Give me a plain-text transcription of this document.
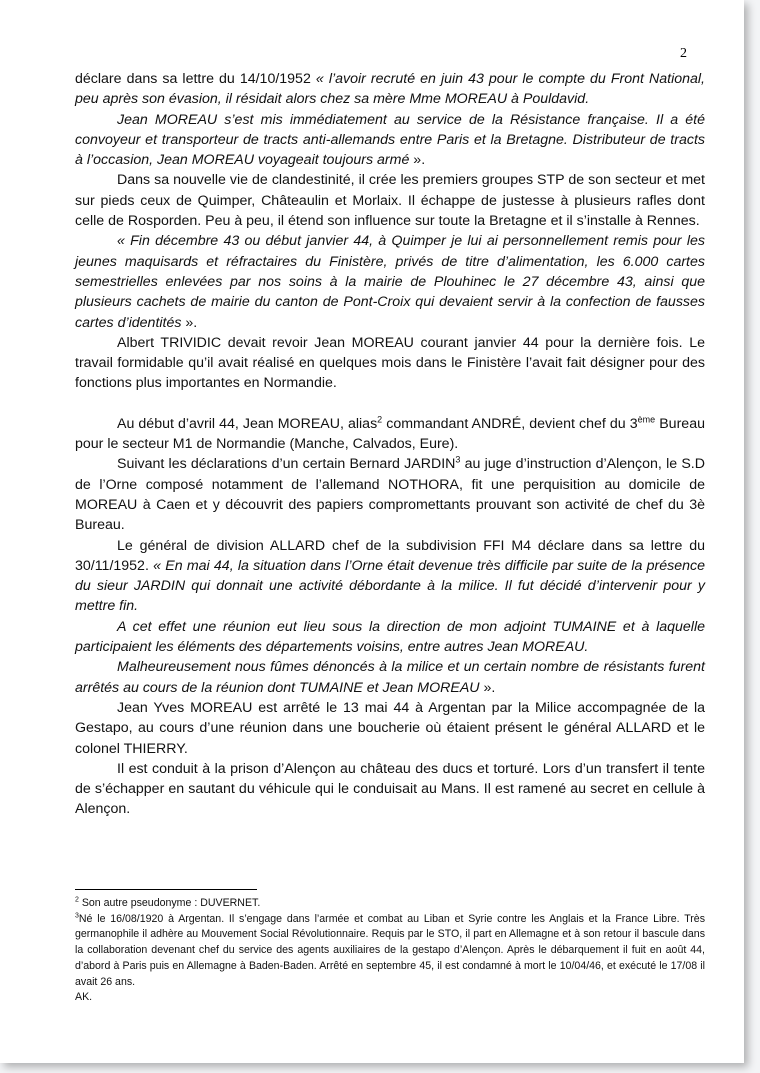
2

déclare dans sa lettre du 14/10/1952 « l’avoir recruté en juin 43 pour le compte du Front National, peu après son évasion, il résidait alors chez sa mère Mme MOREAU à Pouldavid.

Jean MOREAU s’est mis immédiatement au service de la Résistance française. Il a été convoyeur et transporteur de tracts anti-allemands entre Paris et la Bretagne. Distributeur de tracts à l’occasion, Jean MOREAU voyageait toujours armé ».

Dans sa nouvelle vie de clandestinité, il crée les premiers groupes STP de son secteur et met sur pieds ceux de Quimper, Châteaulin et Morlaix. Il échappe de justesse à plusieurs rafles dont celle de Rosporden. Peu à peu, il étend son influence sur toute la Bretagne et il s’installe à Rennes.

« Fin décembre 43 ou début janvier 44, à Quimper je lui ai personnellement remis pour les jeunes maquisards et réfractaires du Finistère, privés de titre d’alimentation, les 6.000 cartes semestrielles enlevées par nos soins à la mairie de Plouhinec le 27 décembre 43, ainsi que plusieurs cachets de mairie du canton de Pont-Croix qui devaient servir à la confection de fausses cartes d’identités ».

Albert TRIVIDIC devait revoir Jean MOREAU courant janvier 44 pour la dernière fois. Le travail formidable qu’il avait réalisé en quelques mois dans le Finistère l’avait fait désigner pour des fonctions plus importantes en Normandie.

Au début d’avril 44, Jean MOREAU, alias$^2$ commandant ANDRÉ, devient chef du 3ème Bureau pour le secteur M1 de Normandie (Manche, Calvados, Eure).

Suivant les déclarations d’un certain Bernard JARDIN$^3$ au juge d’instruction d’Alençon, le S.D de l’Orne composé notamment de l’allemand NOTHORA, fit une perquisition au domicile de MOREAU à Caen et y découvrit des papiers compromettants prouvant son activité de chef du 3è Bureau.

Le général de division ALLARD chef de la subdivision FFI M4 déclare dans sa lettre du 30/11/1952. « En mai 44, la situation dans l’Orne était devenue très difficile par suite de la présence du sieur JARDIN qui donnait une activité débordante à la milice. Il fut décidé d’intervenir pour y mettre fin.

A cet effet une réunion eut lieu sous la direction de mon adjoint TUMAINE et à laquelle participaient les éléments des départements voisins, entre autres Jean MOREAU.

Malheureusement nous fûmes dénoncés à la milice et un certain nombre de résistants furent arrêtés au cours de la réunion dont TUMAINE et Jean MOREAU ».

Jean Yves MOREAU est arrêté le 13 mai 44 à Argentan par la Milice accompagnée de la Gestapo, au cours d’une réunion dans une boucherie où étaient présent le général ALLARD et le colonel THIERRY.

Il est conduit à la prison d’Alençon au château des ducs et torturé. Lors d’un transfert il tente de s’échapper en sautant du véhicule qui le conduisait au Mans. Il est ramené au secret en cellule à Alençon.

$^2$ Son autre pseudonyme : DUVERNET.

$^3$Né le 16/08/1920 à Argentan. Il s’engage dans l’armée et combat au Liban et Syrie contre les Anglais et la France Libre. Très germanophile il adhère au Mouvement Social Révolutionnaire. Requis par le STO, il part en Allemagne et à son retour il bascule dans la collaboration devenant chef du service des agents auxiliaires de la gestapo d’Alençon. Après le débarquement il fuit en août 44, d’abord à Paris puis en Allemagne à Baden-Baden. Arrêté en septembre 45, il est condamné à mort le 10/04/46, et exécuté le 17/08 il avait 26 ans.

AK.
